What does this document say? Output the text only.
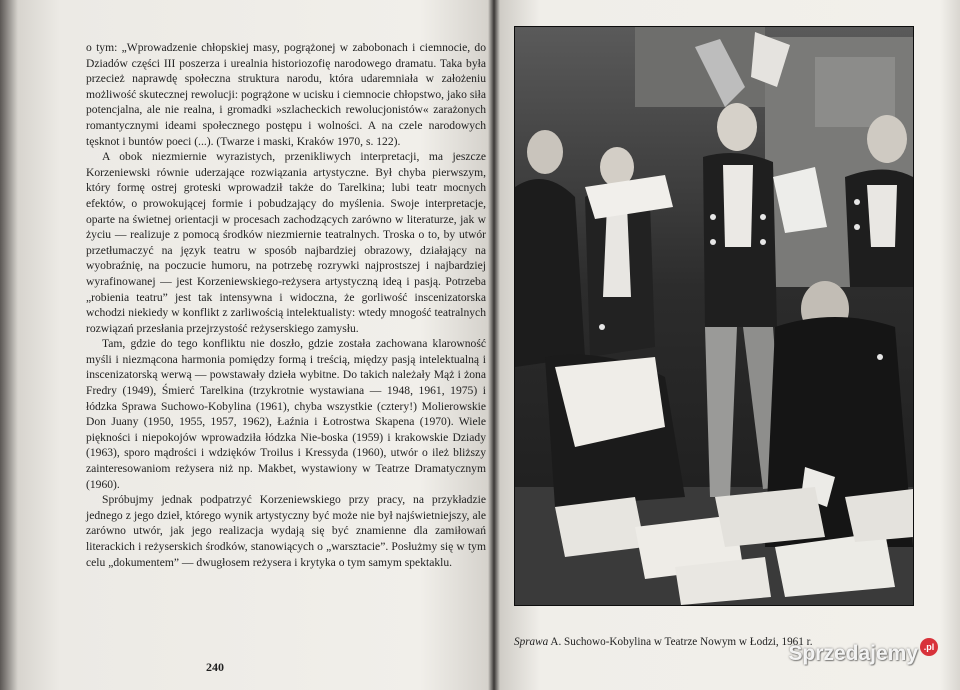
o tym: „Wprowadzenie chłopskiej masy, pogrążonej w zabobonach i ciemnocie, do Dziadów części III poszerza i urealnia historiozofię narodowego dramatu. Taka była przecież naprawdę społeczna struktura narodu, która udaremniała w założeniu możliwość skutecznej rewolucji: pogrążone w ucisku i ciemnocie chłopstwo, jako siła potencjalna, ale nie realna, i gromadki »szlacheckich rewolucjonistów« zarażonych romantycznymi ideami społecznego postępu i wolności. A na czele narodowych tęsknot i buntów poeci (...). (Twarze i maski, Kraków 1970, s. 122).

A obok niezmiernie wyrazistych, przenikliwych interpretacji, ma jeszcze Korzeniewski równie uderzające rozwiązania artystyczne. Był chyba pierwszym, który formę ostrej groteski wprowadził także do Tarelkina; lubi teatr mocnych efektów, o prowokującej formie i pobudzający do myślenia. Swoje interpretacje, oparte na świetnej orientacji w procesach zachodzących zarówno w literaturze, jak w życiu — realizuje z pomocą środków niezmiernie teatralnych. Troska o to, by utwór przetłumaczyć na język teatru w sposób najbardziej obrazowy, działający na wyobraźnię, na poczucie humoru, na potrzebę rozrywki najprostszej i najbardziej wyrafinowanej — jest Korzeniewskiego-reżysera artystyczną ideą i pasją. Potrzeba „robienia teatru” jest tak intensywna i widoczna, że gorliwość inscenizatorska wchodzi niekiedy w konflikt z zarliwością intelektualisty: wtedy mnogość teatralnych rozwiązań przesłania przejrzystość reżyserskiego zamysłu.

Tam, gdzie do tego konfliktu nie doszło, gdzie została zachowana klarowność myśli i niezmącona harmonia pomiędzy formą i treścią, między pasją intelektualną i inscenizatorską werwą — powstawały dzieła wybitne. Do takich należały Mąż i żona Fredry (1949), Śmierć Tarelkina (trzykrotnie wystawiana — 1948, 1961, 1975) i łódzka Sprawa Suchowo-Kobylina (1961), chyba wszystkie (cztery!) Molierowskie Don Juany (1950, 1955, 1957, 1962), Łaźnia i Łotrostwa Skapena (1970). Wiele piękności i niepokojów wprowadziła łódzka Nie-boska (1959) i krakowskie Dziady (1963), sporo mądrości i wdzięków Troilus i Kressyda (1960), utwór o ileż bliższy zainteresowaniom reżysera niż np. Makbet, wystawiony w Teatrze Dramatycznym (1960).

Spróbujmy jednak podpatrzyć Korzeniewskiego przy pracy, na przykładzie jednego z jego dzieł, którego wynik artystyczny być może nie był najświetniejszy, ale zarówno utwór, jak jego realizacja wydają się być znamienne dla zamiłowań literackich i reżyserskich środków, stanowiących o „warsztacie”. Posłużmy się w tym celu „dokumentem” — dwugłosem reżysera i krytyka o tym samym spektaklu.

240
Sprawa A. Suchowo-Kobylina w Teatrze Nowym w Łodzi, 1961 r.
Sprzedajemy .pl
